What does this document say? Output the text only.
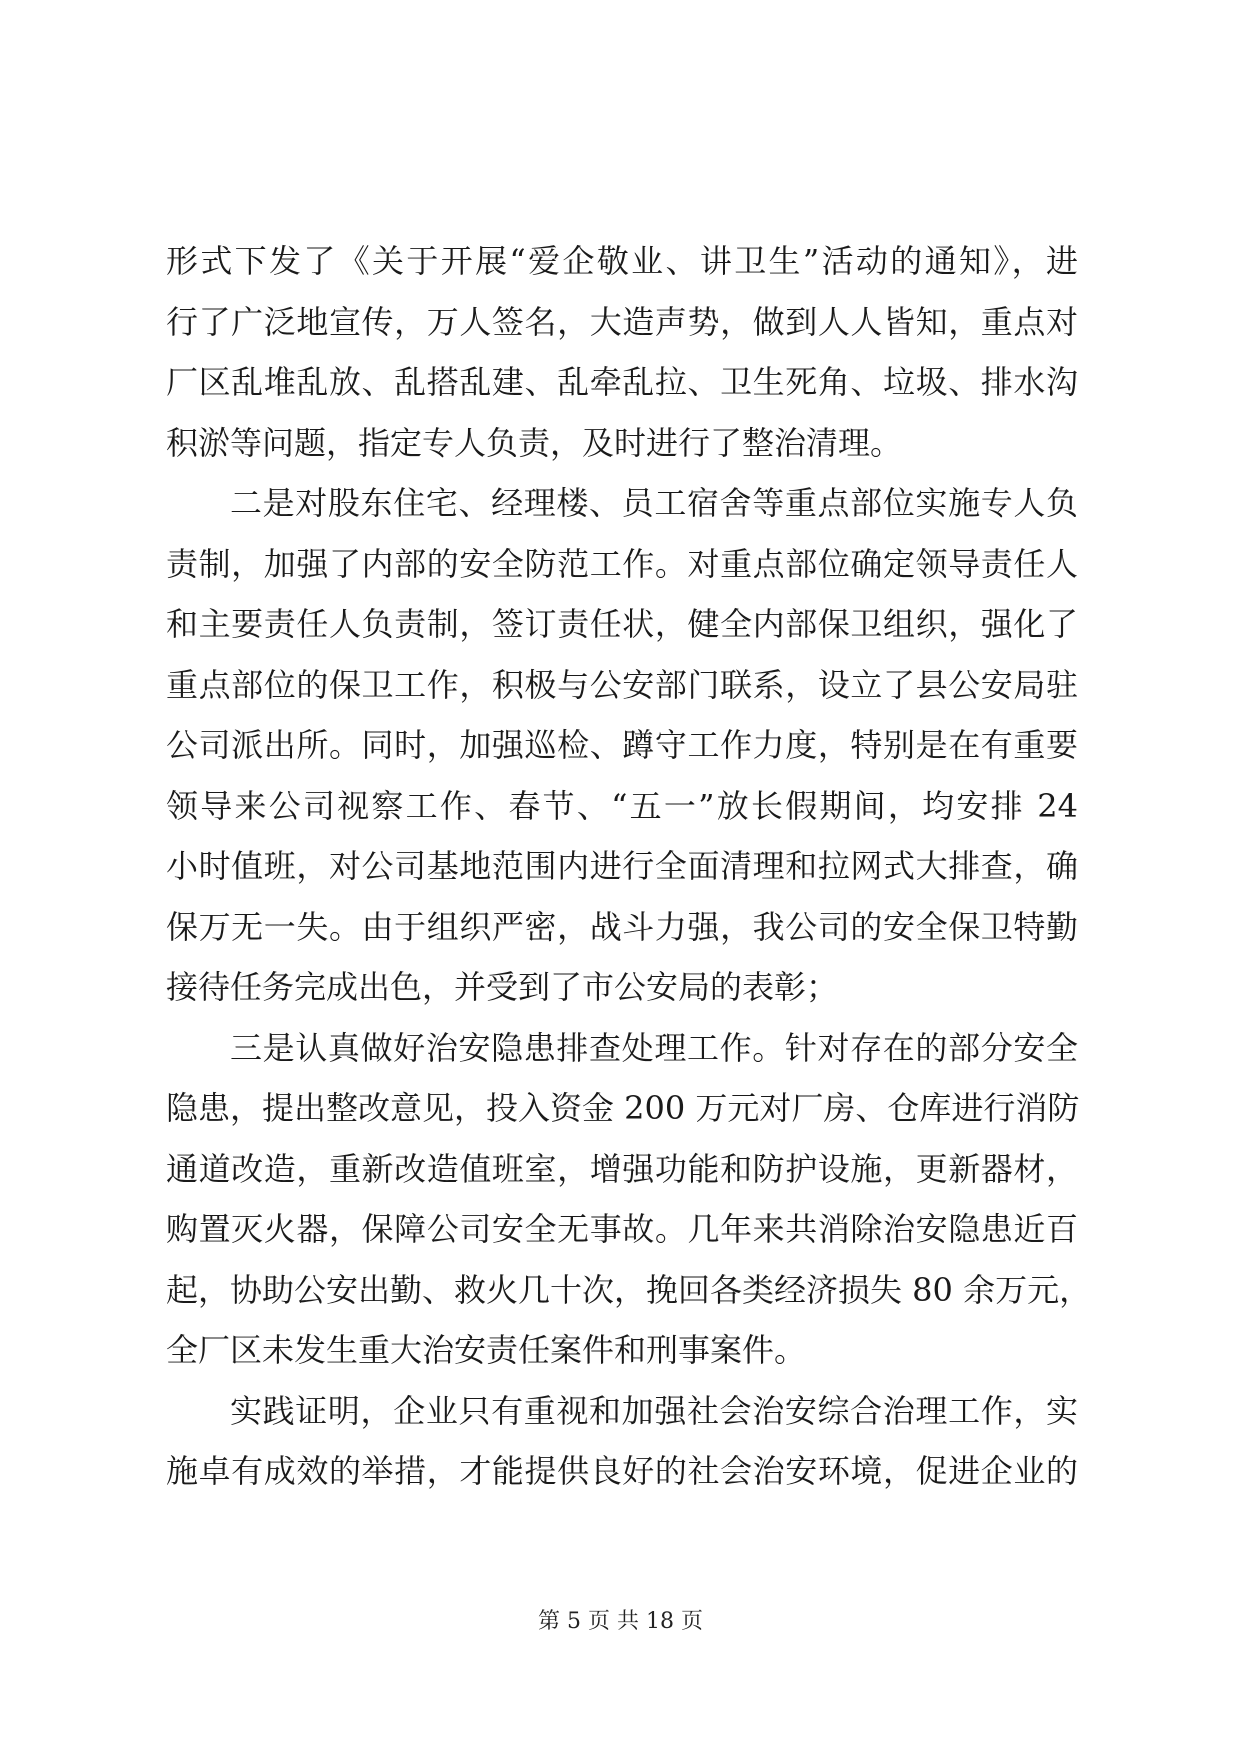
形式下发了《关于开展“爱企敬业、讲卫生”活动的通知》，进
行了广泛地宣传，万人签名，大造声势，做到人人皆知，重点对
厂区乱堆乱放、乱搭乱建、乱牵乱拉、卫生死角、垃圾、排水沟
积淤等问题，指定专人负责，及时进行了整治清理。
二是对股东住宅、经理楼、员工宿舍等重点部位实施专人负
责制，加强了内部的安全防范工作。对重点部位确定领导责任人
和主要责任人负责制，签订责任状，健全内部保卫组织，强化了
重点部位的保卫工作，积极与公安部门联系，设立了县公安局驻
公司派出所。同时，加强巡检、蹲守工作力度，特别是在有重要
领导来公司视察工作、春节、“五一”放长假期间，均安排 24
小时值班，对公司基地范围内进行全面清理和拉网式大排查，确
保万无一失。由于组织严密，战斗力强，我公司的安全保卫特勤
接待任务完成出色，并受到了市公安局的表彰；
三是认真做好治安隐患排查处理工作。针对存在的部分安全
隐患，提出整改意见，投入资金 200 万元对厂房、仓库进行消防
通道改造，重新改造值班室，增强功能和防护设施，更新器材，
购置灭火器，保障公司安全无事故。几年来共消除治安隐患近百
起，协助公安出勤、救火几十次，挽回各类经济损失 80 余万元，
全厂区未发生重大治安责任案件和刑事案件。
实践证明，企业只有重视和加强社会治安综合治理工作，实
施卓有成效的举措，才能提供良好的社会治安环境，促进企业的
第 5 页 共 18 页
